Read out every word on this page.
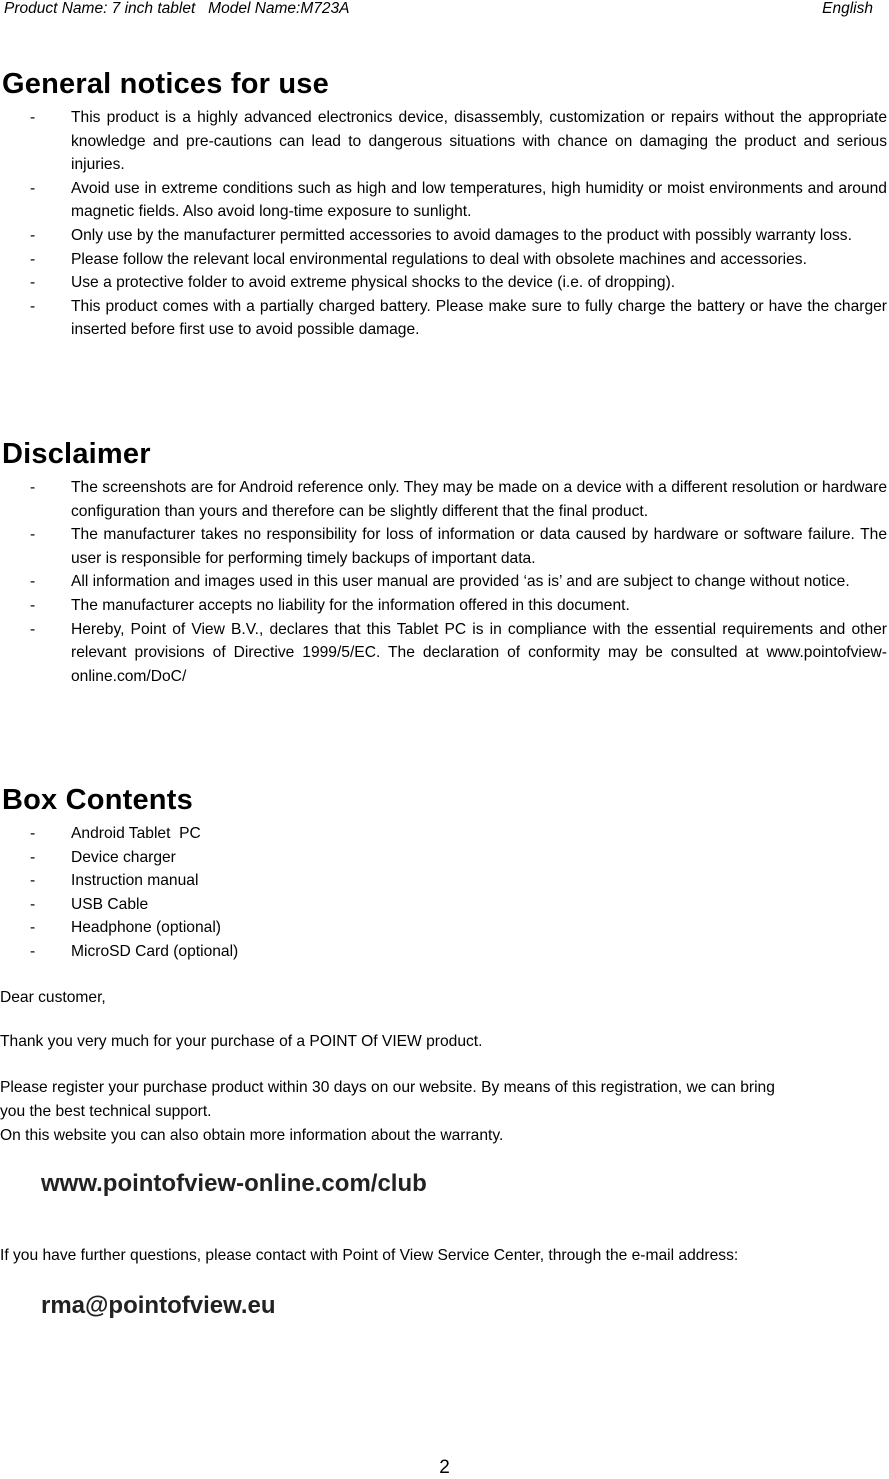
Product Name: 7 inch tablet   Model Name:M723A	English
General notices for use
- This product is a highly advanced electronics device, disassembly, customization or repairs without the appropriate knowledge and pre-cautions can lead to dangerous situations with chance on damaging the product and serious injuries.
- Avoid use in extreme conditions such as high and low temperatures, high humidity or moist environments and around magnetic fields. Also avoid long-time exposure to sunlight.
- Only use by the manufacturer permitted accessories to avoid damages to the product with possibly warranty loss.
- Please follow the relevant local environmental regulations to deal with obsolete machines and accessories.
- Use a protective folder to avoid extreme physical shocks to the device (i.e. of dropping).
- This product comes with a partially charged battery. Please make sure to fully charge the battery or have the charger inserted before first use to avoid possible damage.
Disclaimer
- The screenshots are for Android reference only. They may be made on a device with a different resolution or hardware configuration than yours and therefore can be slightly different that the final product.
- The manufacturer takes no responsibility for loss of information or data caused by hardware or software failure. The user is responsible for performing timely backups of important data.
- All information and images used in this user manual are provided ‘as is’ and are subject to change without notice.
- The manufacturer accepts no liability for the information offered in this document.
- Hereby, Point of View B.V., declares that this Tablet PC is in compliance with the essential requirements and other relevant provisions of Directive 1999/5/EC. The declaration of conformity may be consulted at www.pointofview-online.com/DoC/
Box Contents
- Android Tablet  PC
- Device charger
- Instruction manual
- USB Cable
- Headphone (optional)
- MicroSD Card (optional)

Dear customer,

Thank you very much for your purchase of a POINT Of VIEW product.

Please register your purchase product within 30 days on our website. By means of this registration, we can bring

you the best technical support.

On this website you can also obtain more information about the warranty.

www.pointofview-online.com/club

If you have further questions, please contact with Point of View Service Center, through the e-mail address:

rma@pointofview.eu

2
